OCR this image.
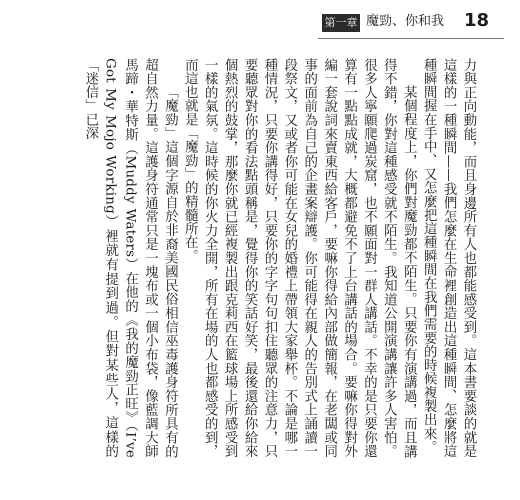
第一章 魔勁、你和我	18

力與正向動能，而且身邊所有人也都能感受到。這本書要談的就是這樣的一種瞬間——我們怎麼在生命裡創造出這種瞬間、怎麼將這種瞬間握在手中、又怎麼把這種瞬間在我們需要的時候複製出來。

某個程度上，你們對魔勁都不陌生。只要你有演講過，而且講得不錯，你對這種感受就不陌生。我知道公開演講讓許多人害怕。很多人寧願爬過炭窟，也不願面對一群人講話。不幸的是只要你還算有一點點成就，大概都避免不了上台講話的場合。要嘛你得對外編一套說詞來賣東西給客戶，要嘛你得給內部做簡報，在老闆或同事的面前為自己的企畫案辯護。你可能得在親人的告別式上誦讀一段祭文，又或者你可能在女兒的婚禮上帶領大家舉杯。不論是哪一種情況，只要你講得好，只要你的字字句句扣住聽眾的注意力，只要聽眾對你的看法點頭稱是，覺得你的笑話好笑，最後還給你給來個熱烈的鼓掌，那麼你就已經複製出跟克莉西在籃球場上所感受到一樣的氣氛。這時候的你火力全開，所有在場的人也都感受的到，而這也就是「魔勁」的精髓所在。

「魔勁」這個字源自於非裔美國民俗相信巫毒護身符所具有的超自然力量。這護身符通常只是一塊布或一個小布袋，像藍調大師馬蹄・華特斯（Muddy Waters）在他的《我的魔勁正旺》（I’ve Got My Mojo Working）裡就有提到過。但對某些人，這樣的「迷信」已深
